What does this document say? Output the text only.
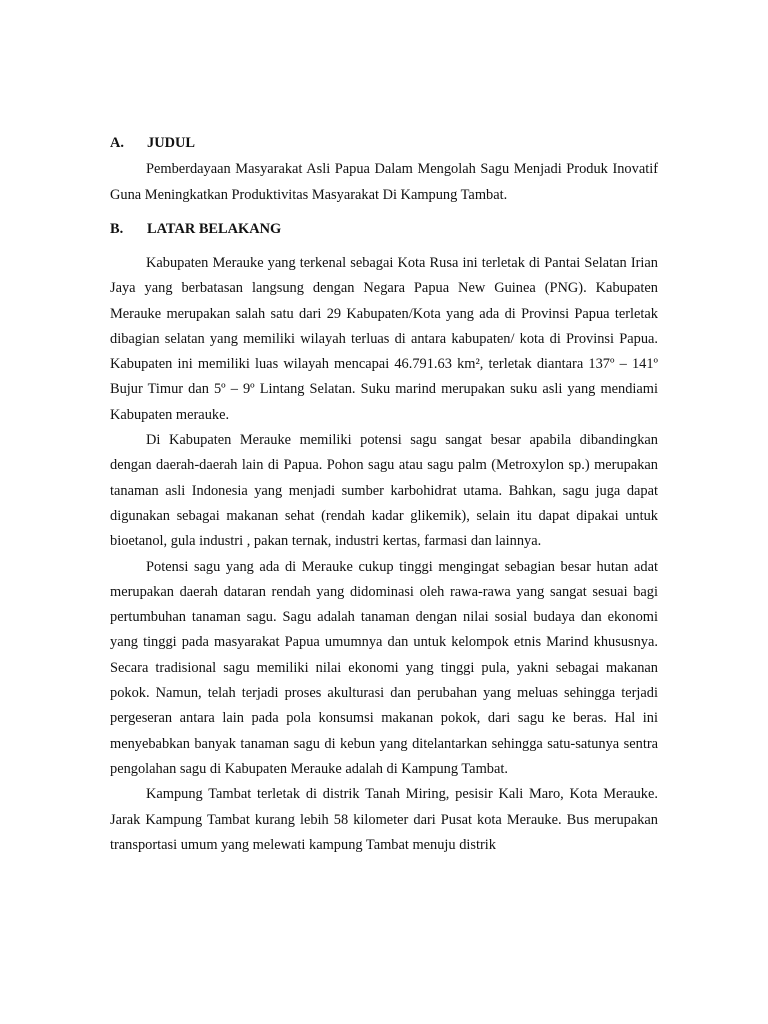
A.	JUDUL

Pemberdayaan Masyarakat Asli Papua Dalam Mengolah Sagu Menjadi Produk Inovatif Guna Meningkatkan Produktivitas Masyarakat Di Kampung Tambat.

B.	LATAR BELAKANG

Kabupaten Merauke yang terkenal sebagai Kota Rusa ini terletak di Pantai Selatan Irian Jaya yang berbatasan langsung dengan Negara Papua New Guinea (PNG). Kabupaten Merauke merupakan salah satu dari 29 Kabupaten/Kota yang ada di Provinsi Papua terletak dibagian selatan yang memiliki wilayah terluas di antara kabupaten/ kota di Provinsi Papua. Kabupaten ini memiliki luas wilayah mencapai 46.791.63 km², terletak diantara 137º – 141º Bujur Timur dan 5º – 9º Lintang Selatan. Suku marind merupakan suku asli yang mendiami Kabupaten merauke.

Di Kabupaten Merauke memiliki potensi sagu sangat besar apabila dibandingkan dengan daerah-daerah lain di Papua. Pohon sagu atau sagu palm (Metroxylon sp.) merupakan tanaman asli Indonesia yang menjadi sumber karbohidrat utama. Bahkan, sagu juga dapat digunakan sebagai makanan sehat (rendah kadar glikemik), selain itu dapat dipakai untuk bioetanol, gula industri , pakan ternak, industri kertas, farmasi dan lainnya.

Potensi sagu yang ada di Merauke cukup tinggi mengingat sebagian besar hutan adat merupakan daerah dataran rendah yang didominasi oleh rawa-rawa yang sangat sesuai bagi pertumbuhan tanaman sagu. Sagu adalah tanaman dengan nilai sosial budaya dan ekonomi yang tinggi pada masyarakat Papua umumnya dan untuk kelompok etnis Marind khususnya. Secara tradisional sagu memiliki nilai ekonomi yang tinggi pula, yakni sebagai makanan pokok. Namun, telah terjadi proses akulturasi dan perubahan yang meluas sehingga terjadi pergeseran antara lain pada pola konsumsi makanan pokok, dari sagu ke beras. Hal ini menyebabkan banyak tanaman sagu di kebun yang ditelantarkan sehingga satu-satunya sentra pengolahan sagu di Kabupaten Merauke adalah di Kampung Tambat.

Kampung Tambat terletak di distrik Tanah Miring, pesisir Kali Maro, Kota Merauke. Jarak Kampung Tambat kurang lebih 58 kilometer dari Pusat kota Merauke. Bus merupakan transportasi umum yang melewati kampung Tambat menuju distrik
